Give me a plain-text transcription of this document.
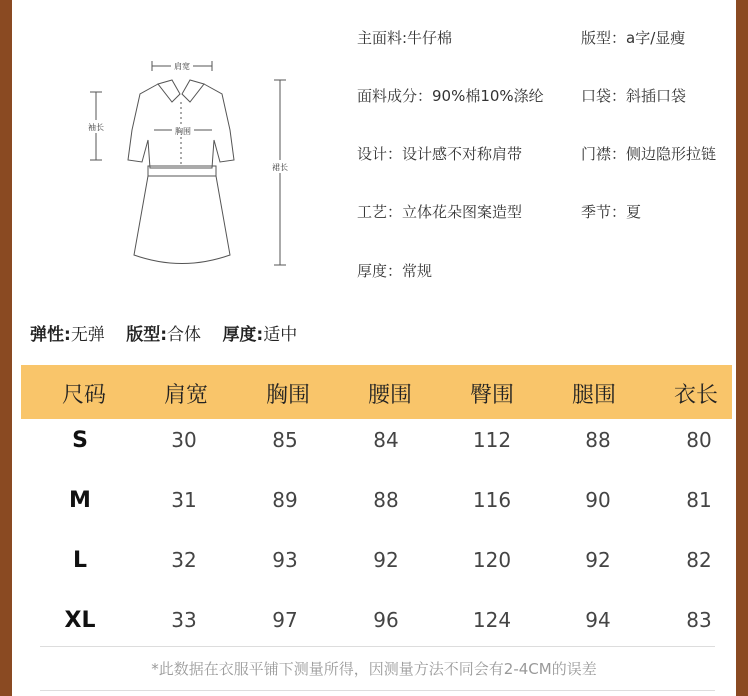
肩宽
胸围
袖长
裙长
主面料:牛仔棉	版型：a字/显瘦
面料成分：90%棉10%涤纶 口袋：斜插口袋
设计：设计感不对称肩带	门襟：侧边隐形拉链
工艺：立体花朵图案造型	季节：夏
厚度：常规
弹性:无弹 版型:合体 厚度:适中
尺码	肩宽	胸围	腰围	臀围	腿围	衣长
S	30	85	84	112	88	80
M	31	89	88	116	90	81
L	32	93	92	120	92	82
XL	33	97	96	124	94	83
*此数据在衣服平铺下测量所得，因测量方法不同会有2-4CM的误差
